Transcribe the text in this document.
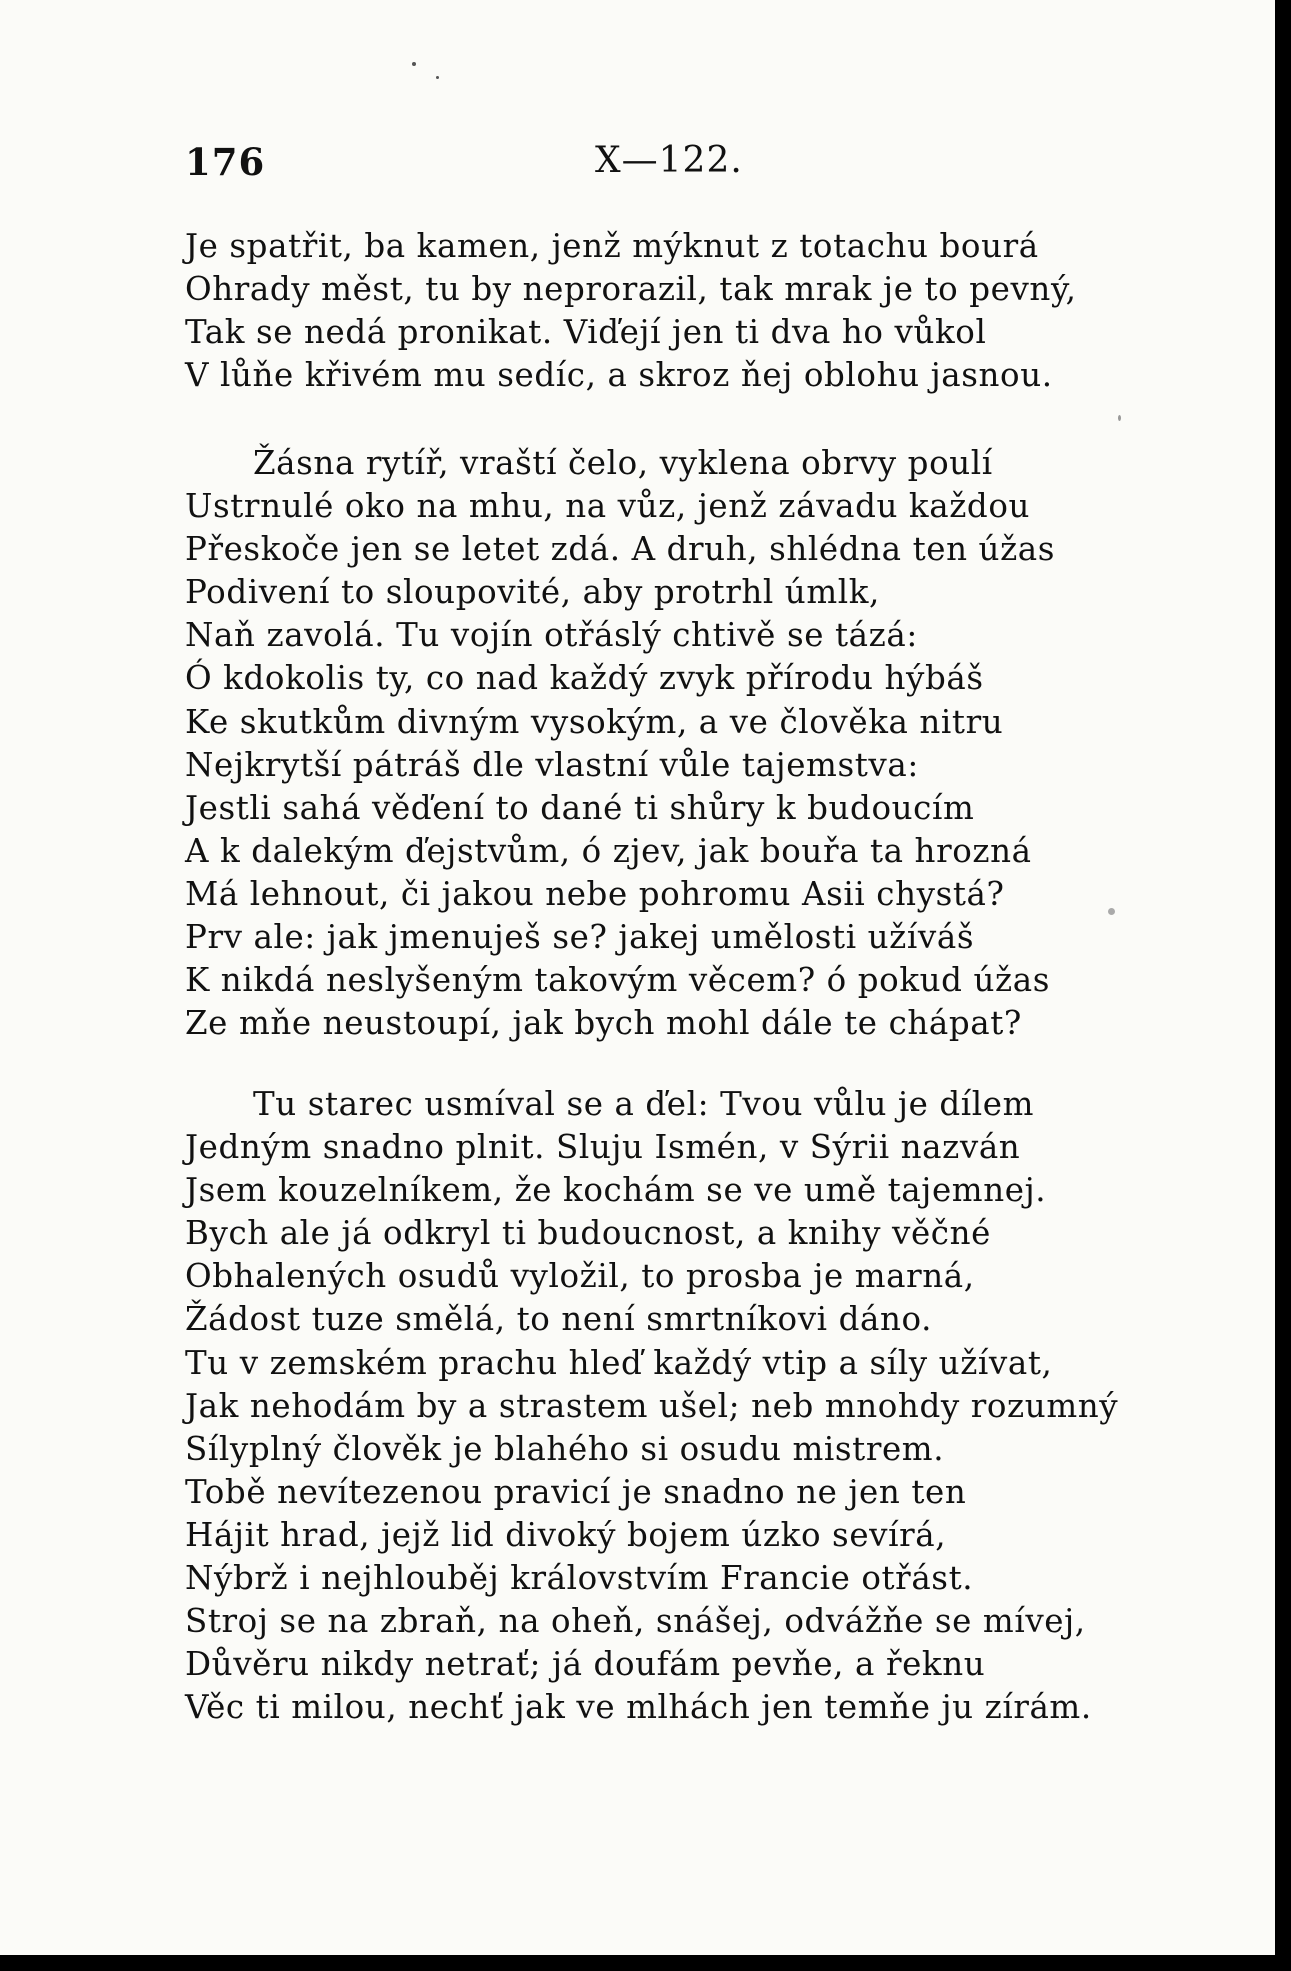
176	X—122.
Je spatřit, ba kamen, jenž mýknut z totachu bourá
Ohrady měst, tu by neprorazil, tak mrak je to pevný,
Tak se nedá pronikat. Viďejí jen ti dva ho vůkol
V lůňe křivém mu sedíc, a skroz ňej oblohu jasnou.
Žásna rytíř, vraští čelo, vyklena obrvy poulí
Ustrnulé oko na mhu, na vůz, jenž závadu každou
Přeskoče jen se letet zdá. A druh, shlédna ten úžas
Podivení to sloupovité, aby protrhl úmlk,
Naň zavolá. Tu vojín otřáslý chtivě se tázá:
Ó kdokolis ty, co nad každý zvyk přírodu hýbáš
Ke skutkům divným vysokým, a ve člověka nitru
Nejkrytší pátráš dle vlastní vůle tajemstva:
Jestli sahá věďení to dané ti shůry k budoucím
A k dalekým ďejstvům, ó zjev, jak bouřa ta hrozná
Má lehnout, či jakou nebe pohromu Asii chystá?
Prv ale: jak jmenuješ se? jakej umělosti užíváš
K nikdá neslyšeným takovým věcem? ó pokud úžas
Ze mňe neustoupí, jak bych mohl dále te chápat?
Tu starec usmíval se a ďel: Tvou vůlu je dílem
Jedným snadno plnit. Sluju Ismén, v Sýrii nazván
Jsem kouzelníkem, že kochám se ve umě tajemnej.
Bych ale já odkryl ti budoucnost, a knihy věčné
Obhalených osudů vyložil, to prosba je marná,
Žádost tuze smělá, to není smrtníkovi dáno.
Tu v zemském prachu hleď každý vtip a síly užívat,
Jak nehodám by a strastem ušel; neb mnohdy rozumný
Sílyplný člověk je blahého si osudu mistrem.
Tobě nevítezenou pravicí je snadno ne jen ten
Hájit hrad, jejž lid divoký bojem úzko sevírá,
Nýbrž i nejhlouběj královstvím Francie otřást.
Stroj se na zbraň, na oheň, snášej, odvážňe se mívej,
Důvěru nikdy netrať; já doufám pevňe, a řeknu
Věc ti milou, nechť jak ve mlhách jen temňe ju zírám.
